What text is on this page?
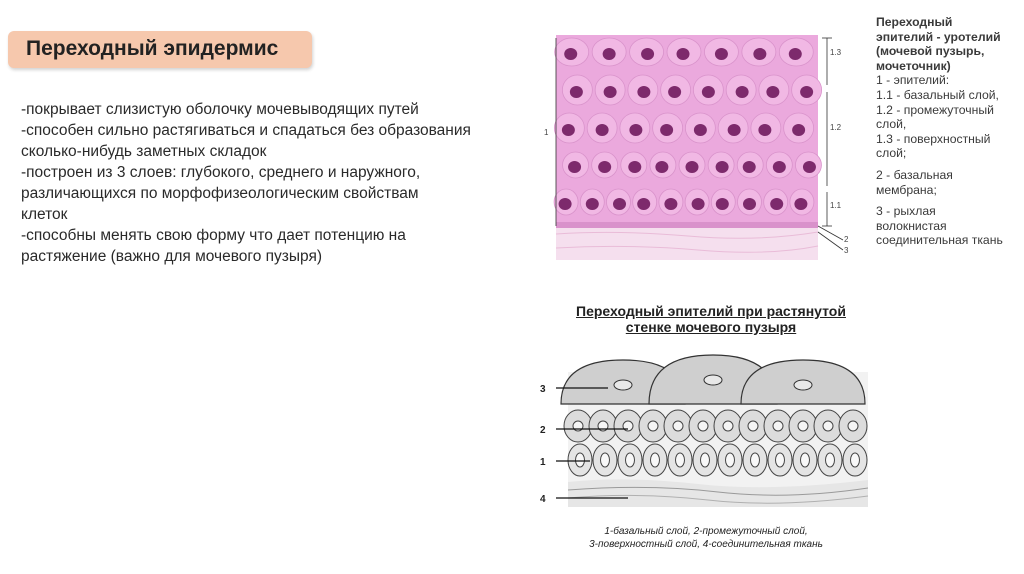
Переходный эпидермис
-покрывает слизистую оболочку мочевыводящих путей
-способен сильно растягиваться и спадаться без образования
сколько-нибудь заметных складок
-построен из 3 слоев: глубокого, среднего и наружного,
различающихся по морфофизеологическим свойствам
клеток
-способны менять свою форму что дает потенцию на
растяжение (важно для мочевого пузыря)
1.3
1.2
1.1
1
2
3
Переходный
эпителий - уротелий
(мочевой пузырь,
мочеточник)
1 - эпителий:
1.1 - базальный слой,
1.2 - промежуточный
слой,
1.3 - поверхностный
слой;
2 - базальная
мембрана;
3 - рыхлая
волокнистая
соединительная ткань
Переходный эпителий при растянутой
стенке мочевого пузыря
3
2
1
4
1-базальный слой, 2-промежуточный слой,
3-поверхностный слой, 4-соединительная ткань
